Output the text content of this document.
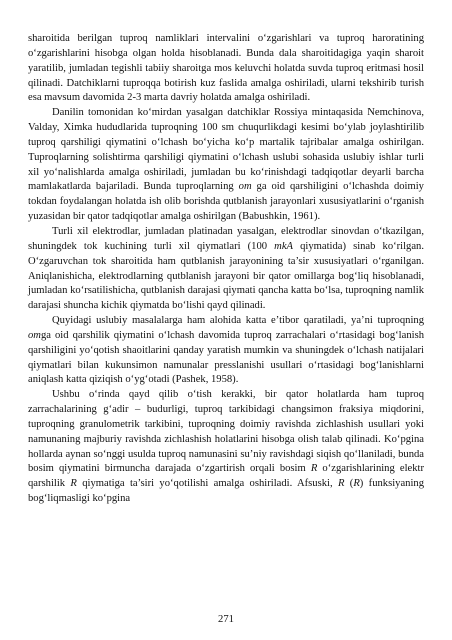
sharoitida berilgan tuproq namliklari intervalini o‘zgarishlari va tuproq haroratining o‘zgarishlarini hisobga olgan holda hisoblanadi. Bunda dala sharoitidagiga yaqin sharoit yaratilib, jumladan tegishli tabiiy sharoitga mos keluvchi holatda suvda tuproq eritmasi hosil qilinadi. Datchiklarni tuproqqa botirish kuz faslida amalga oshiriladi, ularni tekshirib turish esa mavsum davomida 2-3 marta davriy holatda amalga oshiriladi.

Danilin tomonidan ko‘mirdan yasalgan datchiklar Rossiya mintaqasida Nemchinova, Valday, Ximka hududlarida tuproqning 100 sm chuqurlikdagi kesimi bo‘ylab joylashtirilib tuproq qarshiligi qiymatini o‘lchash bo‘yicha ko‘p martalik tajribalar amalga oshirilgan. Tuproqlarning solishtirma qarshiligi qiymatini o‘lchash uslubi sohasida uslubiy ishlar turli xil yo‘nalishlarda amalga oshiriladi, jumladan bu ko‘rinishdagi tadqiqotlar deyarli barcha mamlakatlarda bajariladi. Bunda tuproqlarning om ga oid qarshiligini o‘lchashda doimiy tokdan foydalangan holatda ish olib borishda qutblanish jarayonlari xususiyatlarini o‘rganish yuzasidan bir qator tadqiqotlar amalga oshirilgan (Babushkin, 1961).

Turli xil elektrodlar, jumladan platinadan yasalgan, elektrodlar sinovdan o‘tkazilgan, shuningdek tok kuchining turli xil qiymatlari (100 mkA qiymatida) sinab ko‘rilgan. O‘zgaruvchan tok sharoitida ham qutblanish jarayonining ta’sir xususiyatlari o‘rganilgan. Aniqlanishicha, elektrodlarning qutblanish jarayoni bir qator omillarga bog‘liq hisoblanadi, jumladan ko‘rsatilishicha, qutblanish darajasi qiymati qancha katta bo‘lsa, tuproqning namlik darajasi shuncha kichik qiymatda bo‘lishi qayd qilinadi.

Quyidagi uslubiy masalalarga ham alohida katta e’tibor qaratiladi, ya’ni tuproqning omga oid qarshilik qiymatini o‘lchash davomida tuproq zarrachalari o‘rtasidagi bog‘lanish qarshiligini yo‘qotish shaoitlarini qanday yaratish mumkin va shuningdek o‘lchash natijalari qiymatlari bilan kukunsimon namunalar presslanishi usullari o‘rtasidagi bog‘lanishlarni aniqlash katta qiziqish o‘yg‘otadi (Pashek, 1958).

Ushbu o‘rinda qayd qilib o‘tish kerakki, bir qator holatlarda ham tuproq zarrachalarining g‘adir – budurligi, tuproq tarkibidagi changsimon fraksiya miqdorini, tuproqning granulometrik tarkibini, tuproqning doimiy ravishda zichlashish usullari yoki namunaning majburiy ravishda zichlashish holatlarini hisobga olish talab qilinadi. Ko‘pgina hollarda aynan so‘nggi usulda tuproq namunasini su’niy ravishdagi siqish qo‘llaniladi, bunda bosim qiymatini birmuncha darajada o‘zgartirish orqali bosim R o‘zgarishlarining elektr qarshilik R qiymatiga ta’siri yo‘qotilishi amalga oshiriladi. Afsuski, R (R) funksiyaning bog‘liqmasligi ko‘pgina

271
